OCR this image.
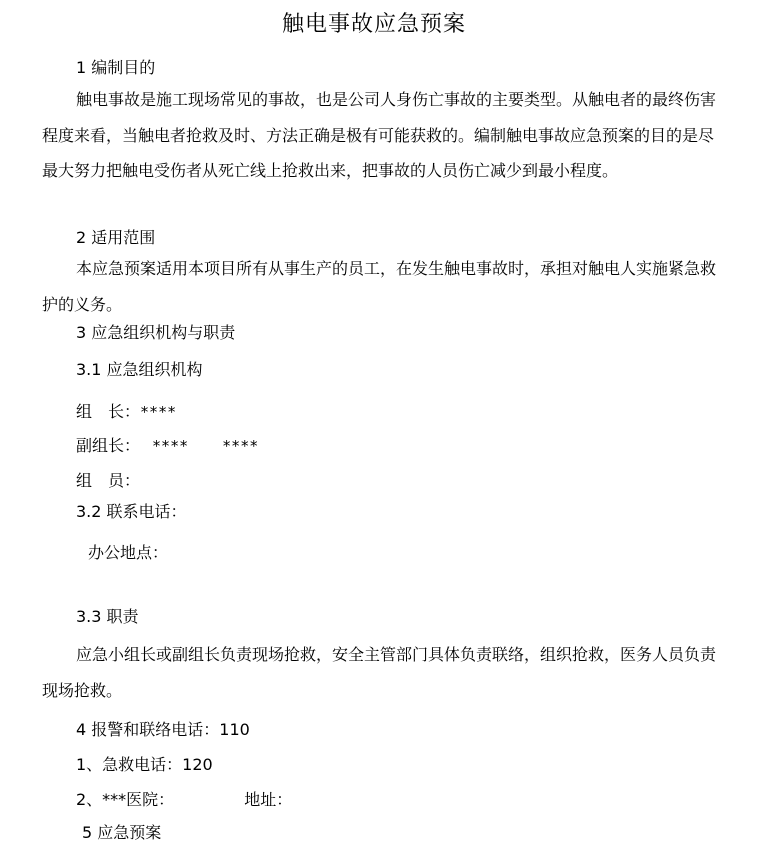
触电事故应急预案
1 编制目的
触电事故是施工现场常见的事故，也是公司人身伤亡事故的主要类型。从触电者的最终伤害程度来看，当触电者抢救及时、方法正确是极有可能获救的。编制触电事故应急预案的目的是尽最大努力把触电受伤者从死亡线上抢救出来，把事故的人员伤亡减少到最小程度。
2 适用范围
本应急预案适用本项目所有从事生产的员工，在发生触电事故时，承担对触电人实施紧急救护的义务。
3 应急组织机构与职责
3.1 应急组织机构
组　长：****
副组长： **** ****
组　员：
3.2 联系电话：
办公地点：
3.3 职责
应急小组长或副组长负责现场抢救，安全主管部门具体负责联络，组织抢救，医务人员负责现场抢救。
4 报警和联络电话：110
1、急救电话：120
2、***医院：	地址：
5 应急预案
